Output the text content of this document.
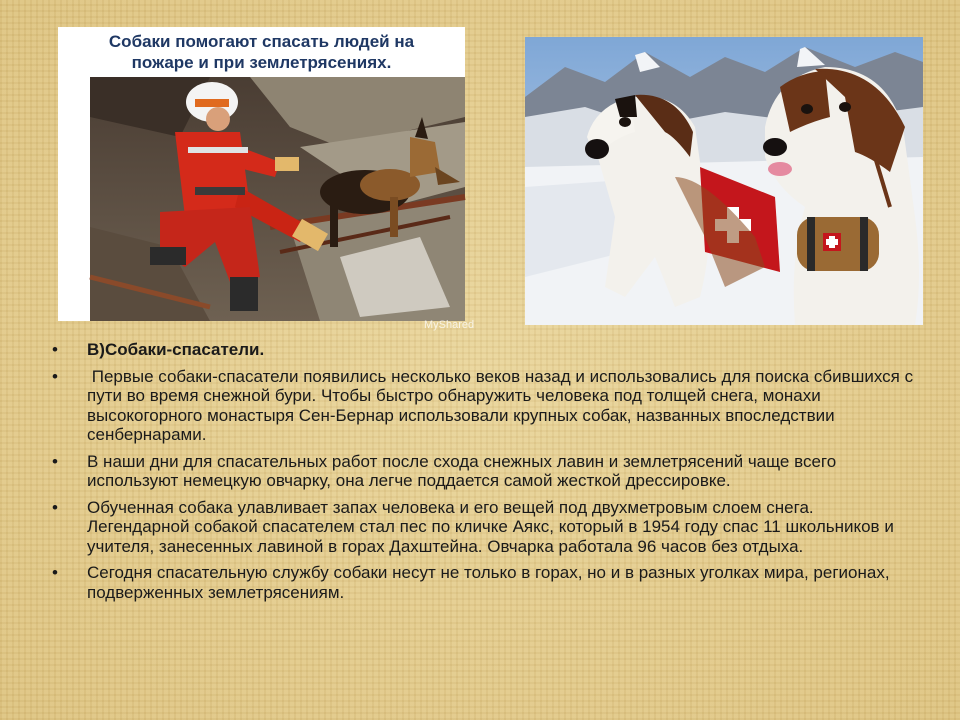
Собаки помогают спасать людей на
пожаре и при землетрясениях.
MyShared
• В)Собаки-спасатели.
• Первые собаки-спасатели появились несколько веков назад и использовались для поиска сбившихся с пути во время снежной бури. Чтобы быстро обнаружить человека под толщей снега, монахи высокогорного монастыря Сен-Бернар использовали крупных собак, названных впоследствии сенбернарами.
• В наши дни для спасательных работ после схода снежных лавин и землетрясений чаще всего используют немецкую овчарку, она легче поддается самой жесткой дрессировке.
• Обученная собака улавливает запах человека и его вещей под двухметровым слоем снега. Легендарной собакой спасателем стал пес по кличке Аякс, который в 1954 году спас 11 школьников и учителя, занесенных лавиной в горах Дахштейна. Овчарка работала 96 часов без отдыха.
• Сегодня спасательную службу собаки несут не только в горах, но и в разных уголках мира, регионах, подверженных землетрясениям.
